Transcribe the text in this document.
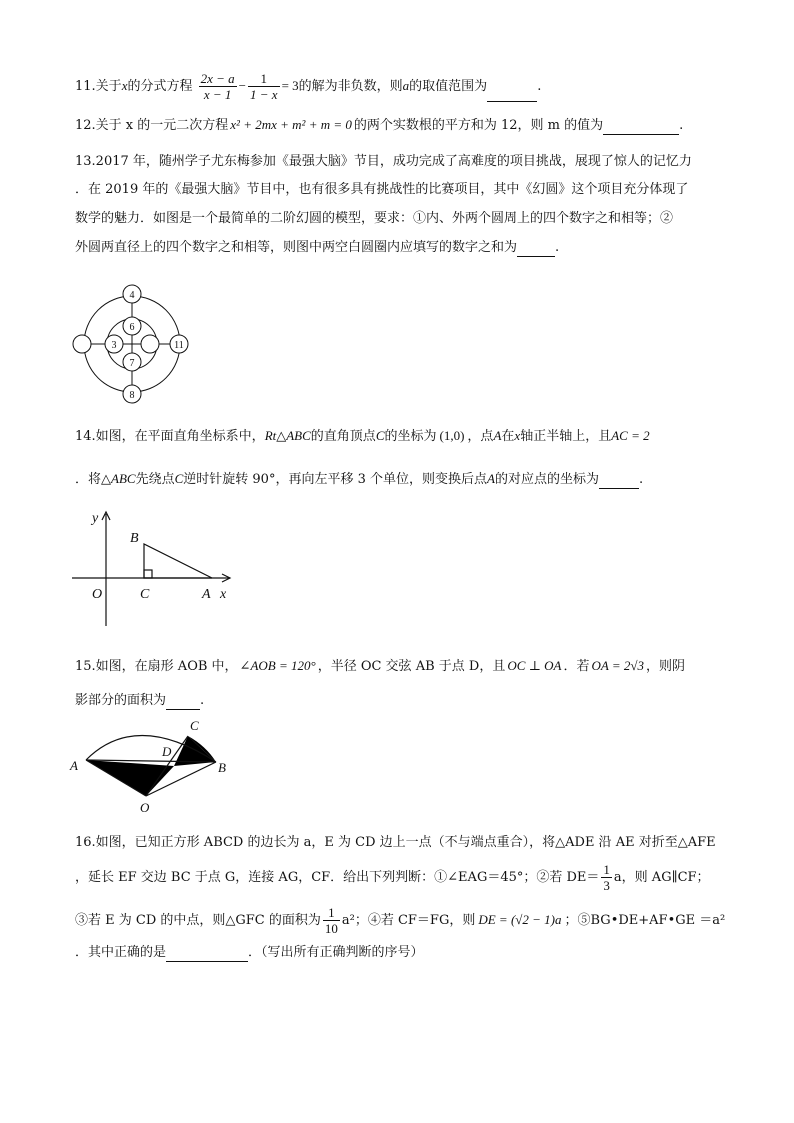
11.关于x的分式方程 $\frac{2x - a}{x - 1} - \frac{1}{1 - x} = 3$的解为非负数，则a的取值范围为	.
12.关于 x 的一元二次方程 x² + 2mx + m² + m = 0 的两个实数根的平方和为 12，则 m 的值为	.
13.2017 年，随州学子尤东梅参加《最强大脑》节目，成功完成了高难度的项目挑战，展现了惊人的记忆力
．在 2019 年的《最强大脑》节目中，也有很多具有挑战性的比赛项目，其中《幻圆》这个项目充分体现了
数学的魅力．如图是一个最简单的二阶幻圆的模型，要求：①内、外两个圆周上的四个数字之和相等；②
外圆两直径上的四个数字之和相等，则图中两空白圆圈内应填写的数字之和为	.
4
6
3
7
11
8
14.如图，在平面直角坐标系中，Rt△ABC的直角顶点C的坐标为 (1,0) ，点A在x轴正半轴上，且AC = 2
．将△ABC先绕点C逆时针旋转 90°，再向左平移 3 个单位，则变换后点A的对应点的坐标为	.
y
x
O	C	A
B
15.如图，在扇形 AOB 中， ∠AOB = 120° ，半径 OC 交弦 AB 于点 D，且 OC ⊥ OA ．若 OA = 2√3 ，则阴
影部分的面积为	.
A	B
C
D
O
16.如图，已知正方形 ABCD 的边长为 a，E 为 CD 边上一点（不与端点重合），将△ADE 沿 AE 对折至△AFE
，延长 EF 交边 BC 于点 G，连接 AG，CF．给出下列判断：①∠EAG＝45°；②若 $DE= \frac{1}{3}$ a，则 AG∥CF；
③若 E 为 CD 的中点，则△GFC 的面积为 $\frac{1}{10} a^2$；④若 CF＝FG，则 DE = (√2 − 1)a ；⑤BG•DE+AF•GE ＝a²
．其中正确的是	．（写出所有正确判断的序号）
